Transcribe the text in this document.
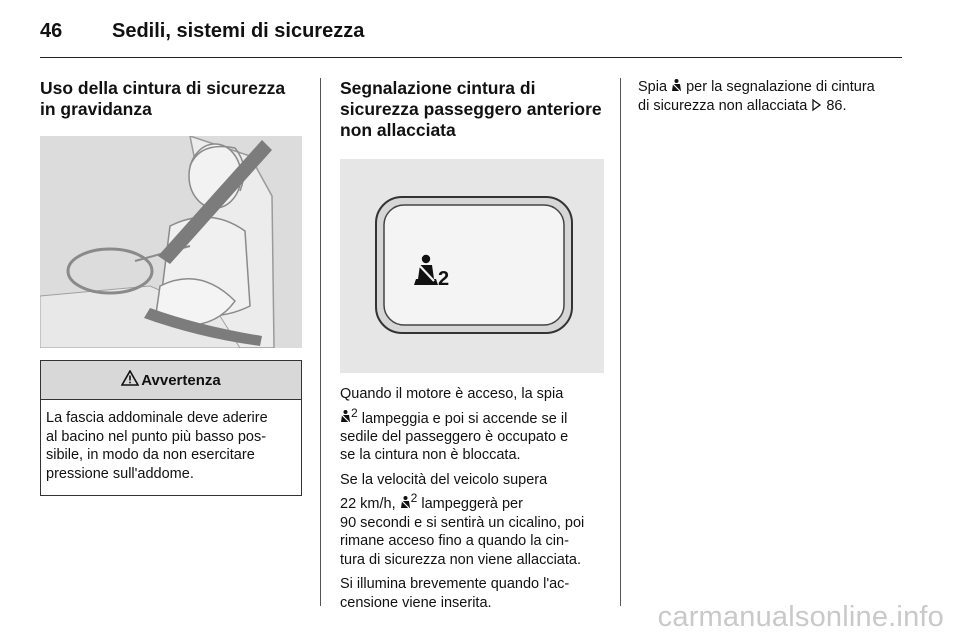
46 Sedili, sistemi di sicurezza
Uso della cintura di sicurezza in gravidanza
Avvertenza

La fascia addominale deve aderire
al bacino nel punto più basso pos-
sibile, in modo da non esercitare
pressione sull'addome.

Segnalazione cintura di sicurezza passeggero anteriore non allacciata
2

Quando il motore è acceso, la spia
$^2$ lampeggia e poi si accende se il
sedile del passeggero è occupato e
se la cintura non è bloccata.

Se la velocità del veicolo supera
22 km/h, $^2$ lampeggerà per
90 secondi e si sentirà un cicalino, poi
rimane acceso fino a quando la cin-
tura di sicurezza non viene allacciata.

Si illumina brevemente quando l'ac-
censione viene inserita.

Spia per la segnalazione di cintura
di sicurezza non allacciata 86.

carmanualsonline.info
